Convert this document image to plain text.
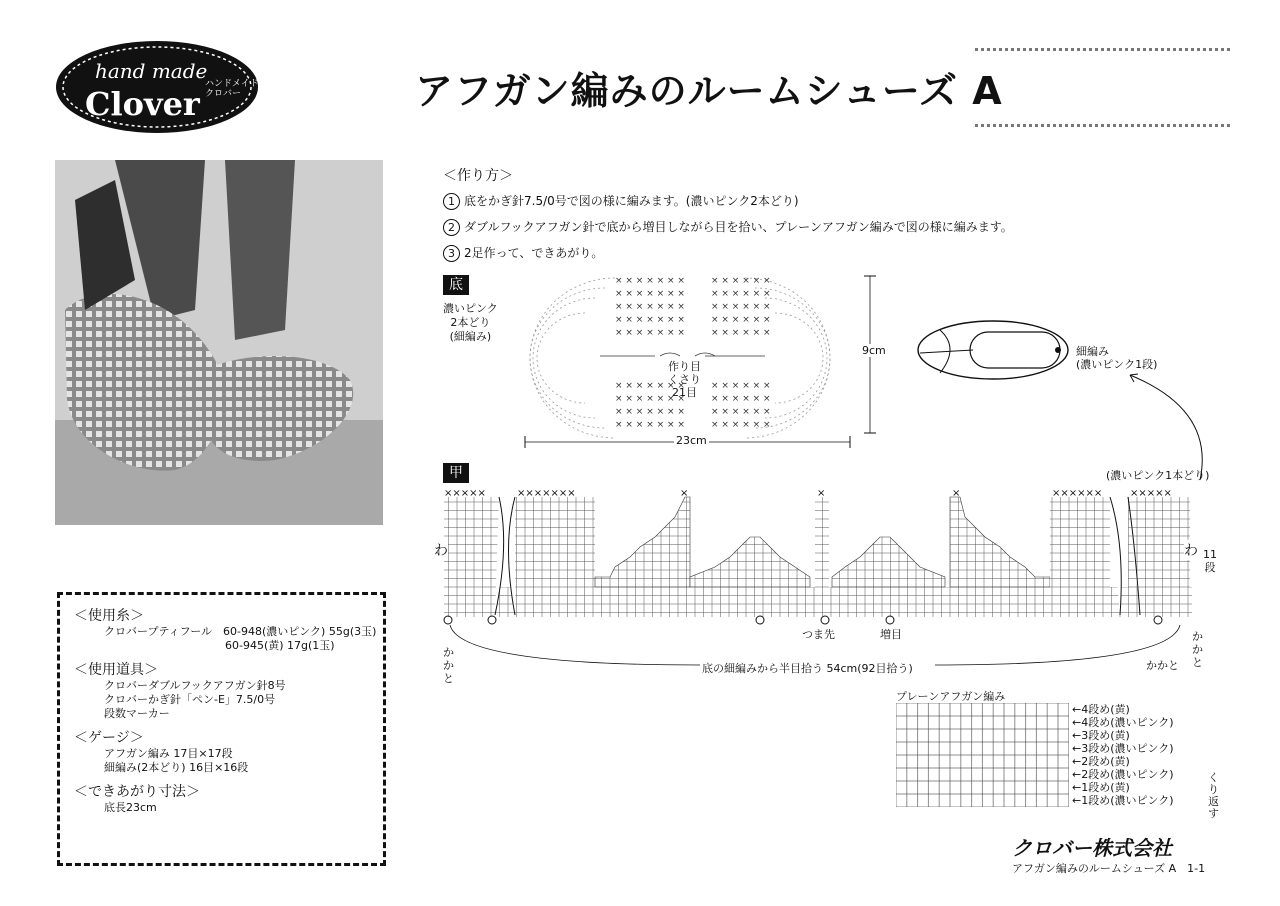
hand made
ハンドメイド
クロバー
Clover	アフガン編みのルームシューズ A
＜作り方＞
1 底をかぎ針7.5/0号で図の様に編みます。(濃いピンク2本どり)
2 ダブルフックアフガン針で底から増目しながら目を拾い、プレーンアフガン編みで図の様に編みます。
3 2足作って、できあがり。
底
濃いピンク
2本どり
(細編み)
× × × × × × ×
× × × × × × ×
× × × × × × ×
× × × × × × ×
× × × × × × ×
× × × × × × ×
× × × × × × ×
× × × × × × ×
× × × × × × ×
× × × × × ×
× × × × × ×
× × × × × ×
× × × × × ×
× × × × × ×
× × × × × ×
× × × × × ×
× × × × × ×
× × × × × ×
作り目
くさり
21目
23cm
9cm	細編み
(濃いピンク1段)
甲	(濃いピンク1本どり)
×××××	×××××××	××××××	×××××
×	×	×
わ	わ 11
段
つま先	増目
かかと
かかと
かかと
底の細編みから半目拾う 54cm(92目拾う)
プレーンアフガン編み
←4段め(黄)
←4段め(濃いピンク)
←3段め(黄)
←3段め(濃いピンク)
←2段め(黄)
←2段め(濃いピンク)
←1段め(黄)
←1段め(濃いピンク)
くり返す
＜使用糸＞
クロバープティフール　60-948(濃いピンク) 55g(3玉)
　　　　　　　　　　　60-945(黄) 17g(1玉)
＜使用道具＞
クロバーダブルフックアフガン針8号
クロバーかぎ針「ペン-E」7.5/0号
段数マーカー
＜ゲージ＞
アフガン編み 17目×17段
細編み(2本どり) 16目×16段
＜できあがり寸法＞
底長23cm
クロバー株式会社
アフガン編みのルームシューズ A　1-1
